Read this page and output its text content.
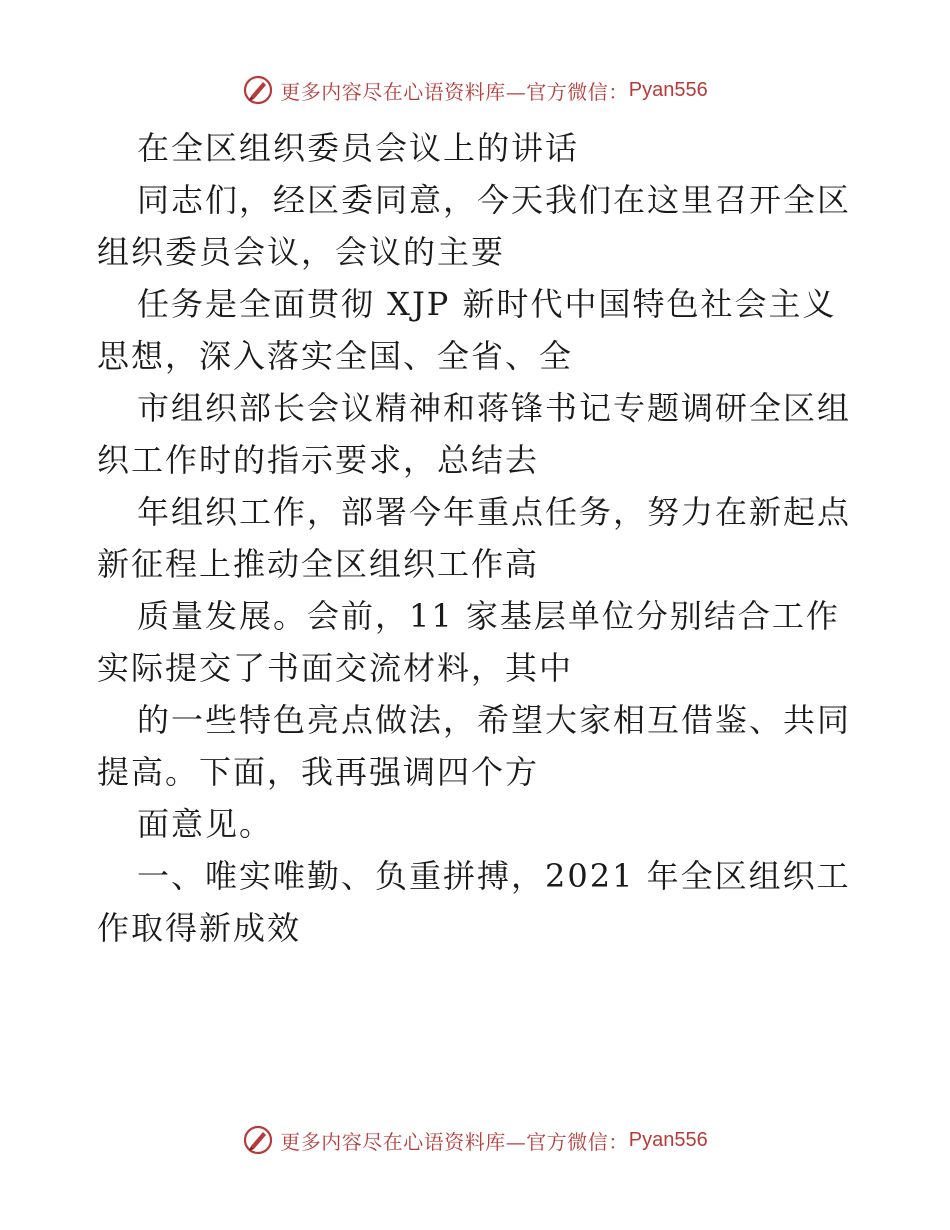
更多内容尽在心语资料库—官方微信： Pyan556
在全区组织委员会议上的讲话
同志们，经区委同意，今天我们在这里召开全区
组织委员会议，会议的主要
任务是全面贯彻 XJP 新时代中国特色社会主义
思想，深入落实全国、全省、全
市组织部长会议精神和蒋锋书记专题调研全区组
织工作时的指示要求，总结去
年组织工作，部署今年重点任务，努力在新起点
新征程上推动全区组织工作高
质量发展。会前，11 家基层单位分别结合工作
实际提交了书面交流材料，其中
的一些特色亮点做法，希望大家相互借鉴、共同
提高。下面，我再强调四个方
面意见。
一、唯实唯勤、负重拼搏，2021 年全区组织工
作取得新成效
更多内容尽在心语资料库—官方微信： Pyan556
